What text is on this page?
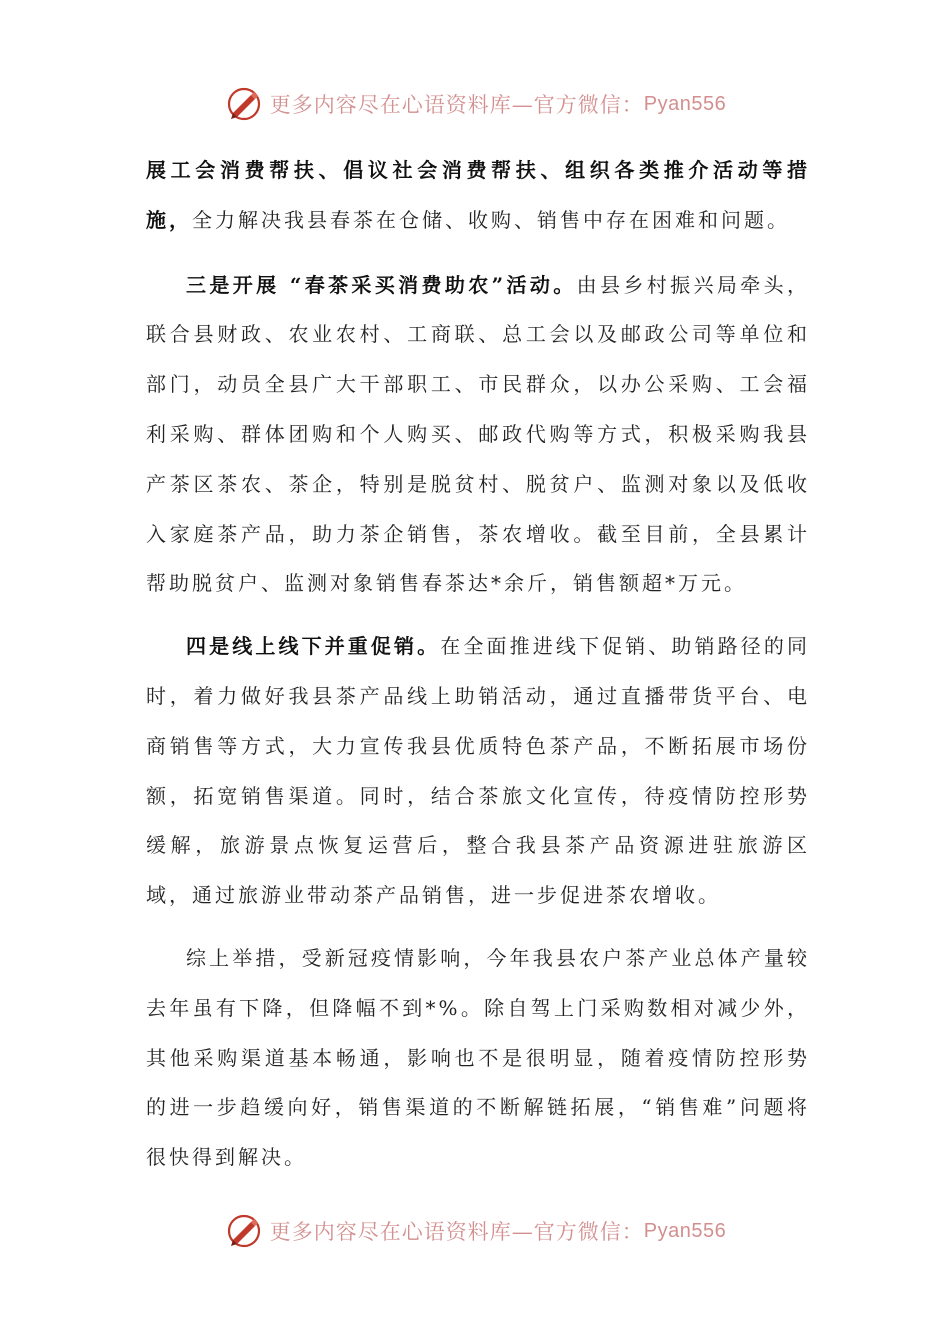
更多内容尽在心语资料库—官方微信： Pyan556

展工会消费帮扶、倡议社会消费帮扶、组织各类推介活动等措施，全力解决我县春茶在仓储、收购、销售中存在困难和问题。

三是开展 “春茶采买消费助农”活动。由县乡村振兴局牵头，联合县财政、农业农村、工商联、总工会以及邮政公司等单位和部门，动员全县广大干部职工、市民群众，以办公采购、工会福利采购、群体团购和个人购买、邮政代购等方式，积极采购我县产茶区茶农、茶企，特别是脱贫村、脱贫户、监测对象以及低收入家庭茶产品，助力茶企销售，茶农增收。截至目前，全县累计帮助脱贫户、监测对象销售春茶达*余斤，销售额超*万元。

四是线上线下并重促销。在全面推进线下促销、助销路径的同时，着力做好我县茶产品线上助销活动，通过直播带货平台、电商销售等方式，大力宣传我县优质特色茶产品，不断拓展市场份额，拓宽销售渠道。同时，结合茶旅文化宣传，待疫情防控形势缓解，旅游景点恢复运营后，整合我县茶产品资源进驻旅游区域，通过旅游业带动茶产品销售，进一步促进茶农增收。

综上举措，受新冠疫情影响，今年我县农户茶产业总体产量较去年虽有下降，但降幅不到*%。除自驾上门采购数相对减少外，其他采购渠道基本畅通，影响也不是很明显，随着疫情防控形势的进一步趋缓向好，销售渠道的不断解链拓展，“销售难”问题将很快得到解决。

更多内容尽在心语资料库—官方微信： Pyan556
